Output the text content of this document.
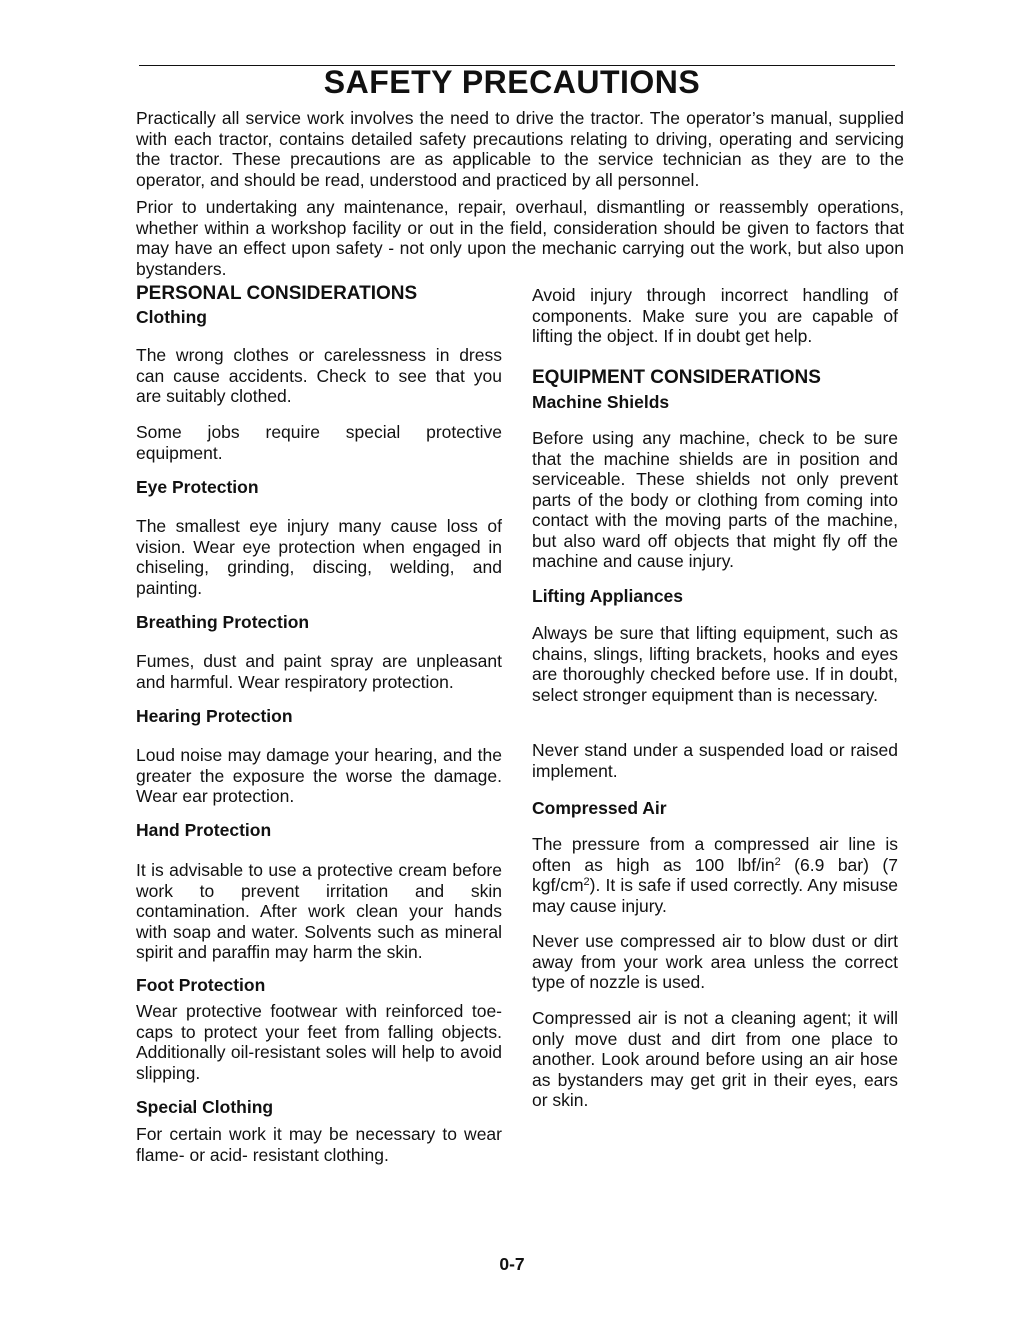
SAFETY PRECAUTIONS

Practically all service work involves the need to drive the tractor. The operator’s manual, supplied with each tractor, contains detailed safety precautions relating to driving, operating and servicing the tractor. These precautions are as applicable to the service technician as they are to the operator, and should be read, understood and practiced by all personnel.

Prior to undertaking any maintenance, repair, overhaul, dismantling or reassembly operations, whether within a workshop facility or out in the field, consideration should be given to factors that may have an effect upon safety - not only upon the mechanic carrying out the work, but also upon bystanders.

PERSONAL CONSIDERATIONS
Clothing

The wrong clothes or carelessness in dress can cause accidents. Check to see that you are suitably clothed.

Some jobs require special protective equipment.

Eye Protection

The smallest eye injury many cause loss of vision. Wear eye protection when engaged in chiseling, grinding, discing, welding, and painting.

Breathing Protection

Fumes, dust and paint spray are unpleasant and harmful. Wear respiratory protection.

Hearing Protection

Loud noise may damage your hearing, and the greater the exposure the worse the damage. Wear ear protection.

Hand Protection

It is advisable to use a protective cream before work to prevent irritation and skin contamination. After work clean your hands with soap and water. Solvents such as mineral spirit and paraffin may harm the skin.

Foot Protection

Wear protective footwear with reinforced toe-caps to protect your feet from falling objects. Additionally oil-resistant soles will help to avoid slipping.

Special Clothing

For certain work it may be necessary to wear flame- or acid- resistant clothing.

Avoid injury through incorrect handling of components. Make sure you are capable of lifting the object. If in doubt get help.

EQUIPMENT CONSIDERATIONS
Machine Shields

Before using any machine, check to be sure that the machine shields are in position and serviceable. These shields not only prevent parts of the body or clothing from coming into contact with the moving parts of the machine, but also ward off objects that might fly off the machine and cause injury.

Lifting Appliances

Always be sure that lifting equipment, such as chains, slings, lifting brackets, hooks and eyes are thoroughly checked before use. If in doubt, select stronger equipment than is necessary.

Never stand under a suspended load or raised implement.

Compressed Air

The pressure from a compressed air line is often as high as 100 lbf/$in^2$ (6.9 bar) (7 kgf/$cm^2$). It is safe if used correctly. Any misuse may cause injury.

Never use compressed air to blow dust or dirt away from your work area unless the correct type of nozzle is used.

Compressed air is not a cleaning agent; it will only move dust and dirt from one place to another. Look around before using an air hose as bystanders may get grit in their eyes, ears or skin.

0-7
